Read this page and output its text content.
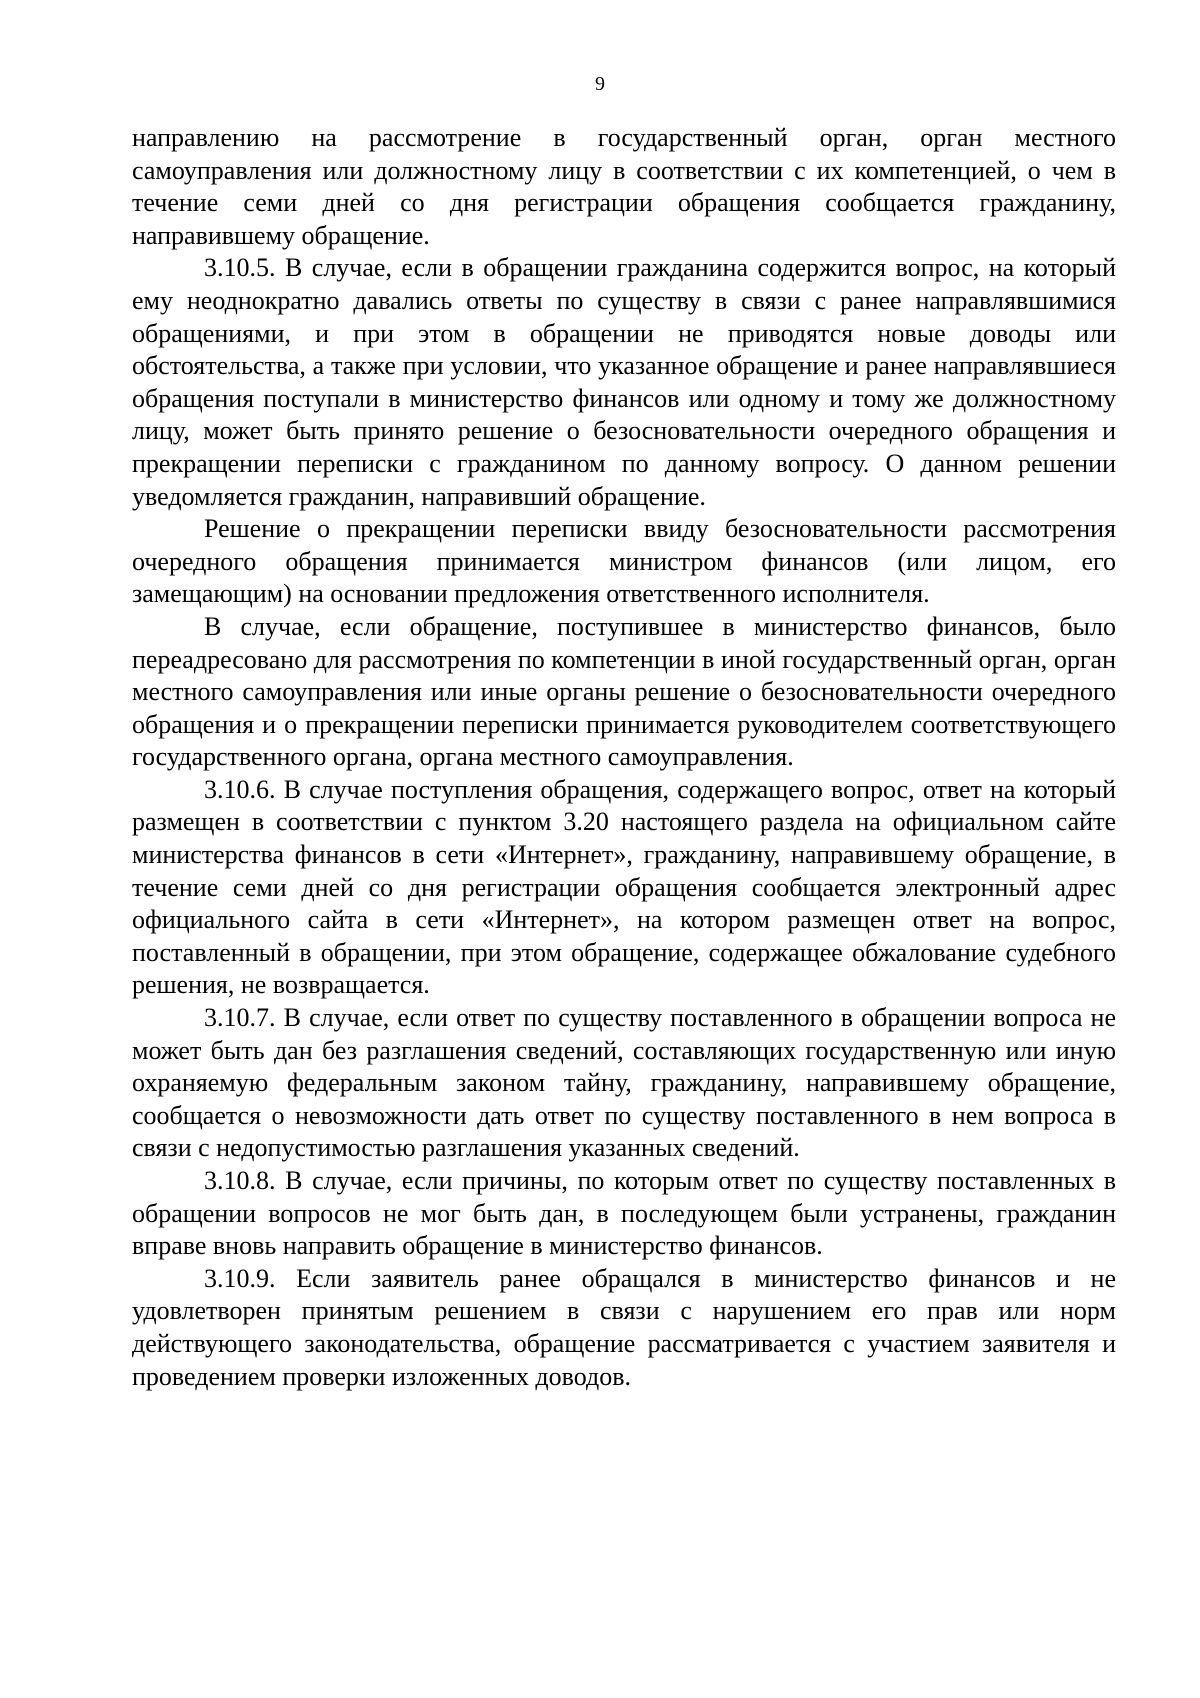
9

направлению на рассмотрение в государственный орган, орган местного самоуправления или должностному лицу в соответствии с их компетенцией, о чем в течение семи дней со дня регистрации обращения сообщается гражданину, направившему обращение.

3.10.5. В случае, если в обращении гражданина содержится вопрос, на который ему неоднократно давались ответы по существу в связи с ранее направлявшимися обращениями, и при этом в обращении не приводятся новые доводы или обстоятельства, а также при условии, что указанное обращение и ранее направлявшиеся обращения поступали в министерство финансов или одному и тому же должностному лицу, может быть принято решение о безосновательности очередного обращения и прекращении переписки с гражданином по данному вопросу. О данном решении уведомляется гражданин, направивший обращение.

Решение о прекращении переписки ввиду безосновательности рассмотрения очередного обращения принимается министром финансов (или лицом, его замещающим) на основании предложения ответственного исполнителя.

В случае, если обращение, поступившее в министерство финансов, было переадресовано для рассмотрения по компетенции в иной государственный орган, орган местного самоуправления или иные органы решение о безосновательности очередного обращения и о прекращении переписки принимается руководителем соответствующего государственного органа, органа местного самоуправления.

3.10.6. В случае поступления обращения, содержащего вопрос, ответ на который размещен в соответствии с пунктом 3.20 настоящего раздела на официальном сайте министерства финансов в сети «Интернет», гражданину, направившему обращение, в течение семи дней со дня регистрации обращения сообщается электронный адрес официального сайта в сети «Интернет», на котором размещен ответ на вопрос, поставленный в обращении, при этом обращение, содержащее обжалование судебного решения, не возвращается.

3.10.7. В случае, если ответ по существу поставленного в обращении вопроса не может быть дан без разглашения сведений, составляющих государственную или иную охраняемую федеральным законом тайну, гражданину, направившему обращение, сообщается о невозможности дать ответ по существу поставленного в нем вопроса в связи с недопустимостью разглашения указанных сведений.

3.10.8. В случае, если причины, по которым ответ по существу поставленных в обращении вопросов не мог быть дан, в последующем были устранены, гражданин вправе вновь направить обращение в министерство финансов.

3.10.9. Если заявитель ранее обращался в министерство финансов и не удовлетворен принятым решением в связи с нарушением его прав или норм действующего законодательства, обращение рассматривается с участием заявителя и проведением проверки изложенных доводов.
